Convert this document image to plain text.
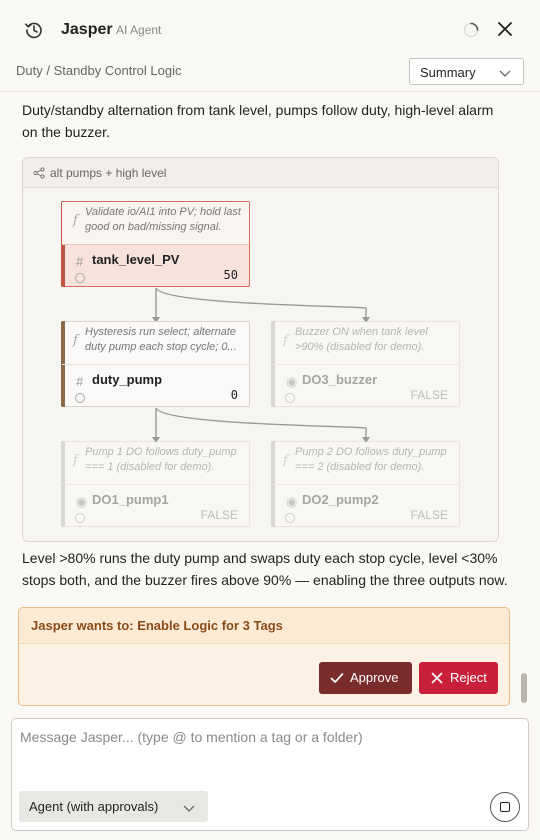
Jasper AI Agent
Duty / Standby Control Logic	Summary

Duty/standby alternation from tank level, pumps follow duty, high-level alarm on the buzzer.

alt pumps + high level
f
Validate io/AI1 into PV; hold last good on bad/missing signal.
# tank_level_PV
50
f
Hysteresis run select; alternate duty pump each stop cycle; 0...
# duty_pump
0
f
Buzzer ON when tank level >90% (disabled for demo).
◉ DO3_buzzer
FALSE
f
Pump 1 DO follows duty_pump === 1 (disabled for demo).
◉ DO1_pump1
FALSE
f
Pump 2 DO follows duty_pump === 2 (disabled for demo).
◉ DO2_pump2
FALSE

Level >80% runs the duty pump and swaps duty each stop cycle, level <30% stops both, and the buzzer fires above 90% — enabling the three outputs now.

Jasper wants to: Enable Logic for 3 Tags
Approve	Reject
Message Jasper... (type @ to mention a tag or a folder)
Agent (with approvals)
